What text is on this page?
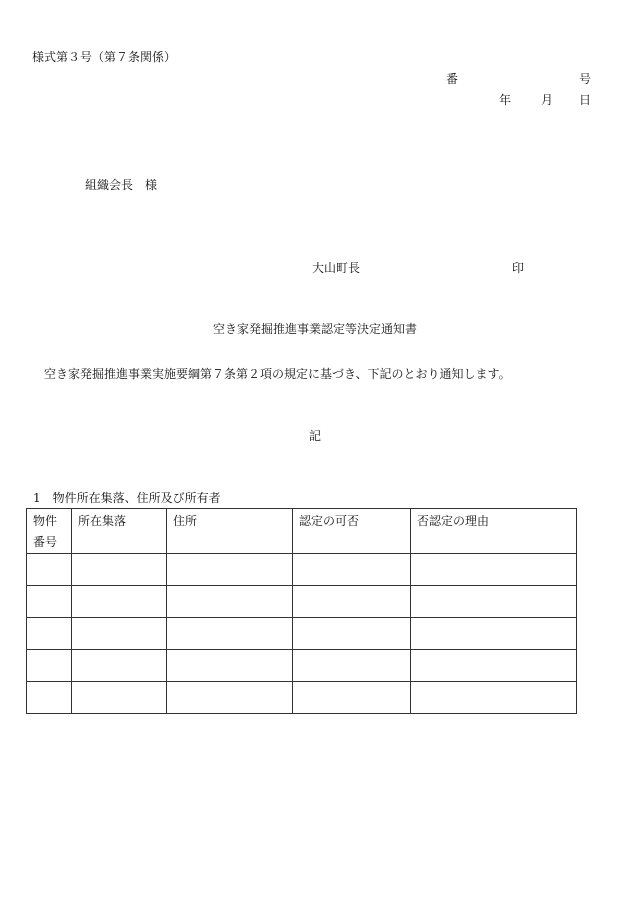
様式第３号（第７条関係）
番	号
年 月 日
組織会長　様
大山町長	印
空き家発掘推進事業認定等決定通知書
空き家発掘推進事業実施要綱第７条第２項の規定に基づき、下記のとおり通知します。
記
1　物件所在集落、住所及び所有者
物件番号	所在集落	住所	認定の可否	否認定の理由
